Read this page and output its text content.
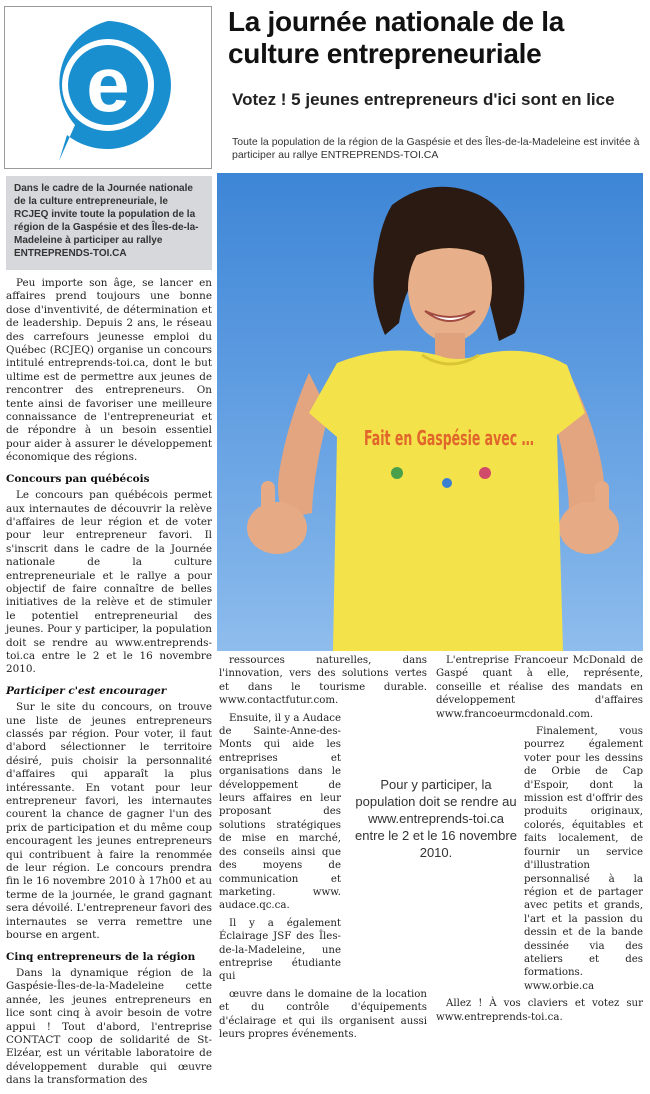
e
La journée nationale de la culture entrepreneuriale
Votez ! 5 jeunes entrepreneurs d'ici sont en lice

Toute la population de la région de la Gaspésie et des Îles-de-la-Madeleine est invitée à participer au rallye ENTREPRENDS-TOI.CA

Dans le cadre de la Journée nationale de la culture entrepreneuriale, le RCJEQ invite toute la population de la région de la Gaspésie et des Îles-de-la-Madeleine à participer au rallye ENTREPRENDS-TOI.CA

Peu importe son âge, se lancer en affaires prend toujours une bonne dose d'inventivité, de détermination et de leadership. Depuis 2 ans, le réseau des carrefours jeunesse emploi du Québec (RCJEQ) organise un concours intitulé entreprends-toi.ca, dont le but ultime est de permettre aux jeunes de rencontrer des entrepreneurs. On tente ainsi de favoriser une meilleure connaissance de l'entrepreneuriat et de répondre à un besoin essentiel pour aider à assurer le développement économique des régions.

Concours pan québécois

Le concours pan québécois permet aux internautes de découvrir la relève d'affaires de leur région et de voter pour leur entrepreneur favori. Il s'inscrit dans le cadre de la Journée nationale de la culture entrepreneuriale et le rallye a pour objectif de faire connaître de belles initiatives de la relève et de stimuler le potentiel entrepreneurial des jeunes. Pour y participer, la population doit se rendre au www.entreprends-toi.ca entre le 2 et le 16 novembre 2010.

Participer c'est encourager

Sur le site du concours, on trouve une liste de jeunes entrepreneurs classés par région. Pour voter, il faut d'abord sélectionner le territoire désiré, puis choisir la personnalité d'affaires qui apparaît la plus intéressante. En votant pour leur entrepreneur favori, les internautes courent la chance de gagner l'un des prix de participation et du même coup encouragent les jeunes entrepreneurs qui contribuent à faire la renommée de leur région. Le concours prendra fin le 16 novembre 2010 à 17h00 et au terme de la journée, le grand gagnant sera dévoilé. L'entrepreneur favori des internautes se verra remettre une bourse en argent.

Cinq entrepreneurs de la région

Dans la dynamique région de la Gaspésie-Îles-de-la-Madeleine cette année, les jeunes entrepreneurs en lice sont cinq à avoir besoin de votre appui ! Tout d'abord, l'entreprise CONTACT coop de solidarité de St-Elzéar, est un véritable laboratoire de développement durable qui œuvre dans la transformation des

Fait en Gaspésie avec …

ressources naturelles, dans l'innovation, vers des solutions vertes et dans le tourisme durable. www.contactfutur.com.

Ensuite, il y a Audace de Sainte-Anne-des-Monts qui aide les entreprises et organisations dans le développement de leurs affaires en leur proposant des solutions stratégiques de mise en marché, des conseils ainsi que des moyens de communication et marketing. www. audace.qc.ca.

Il y a également Éclairage JSF des Îles-de-la-Madeleine, une entreprise étudiante qui

œuvre dans le domaine de la location et du contrôle d'équipements d'éclairage et qui ils organisent aussi leurs propres événements.

Pour y participer, la population doit se rendre au www.entreprends-toi.ca entre le 2 et le 16 novembre 2010.

L'entreprise Francoeur McDonald de Gaspé quant à elle, représente, conseille et réalise des mandats en développement d'affaires www.francoeurmcdonald.com.

Finalement, vous pourrez également voter pour les dessins de Orbie de Cap d'Espoir, dont la mission est d'offrir des produits originaux, colorés, équitables et faits localement, de fournir un service d'illustration personnalisé à la région et de partager avec petits et grands, l'art et la passion du dessin et de la bande dessinée via des ateliers et des formations. www.orbie.ca

Allez ! À vos claviers et votez sur www.entreprends-toi.ca.
